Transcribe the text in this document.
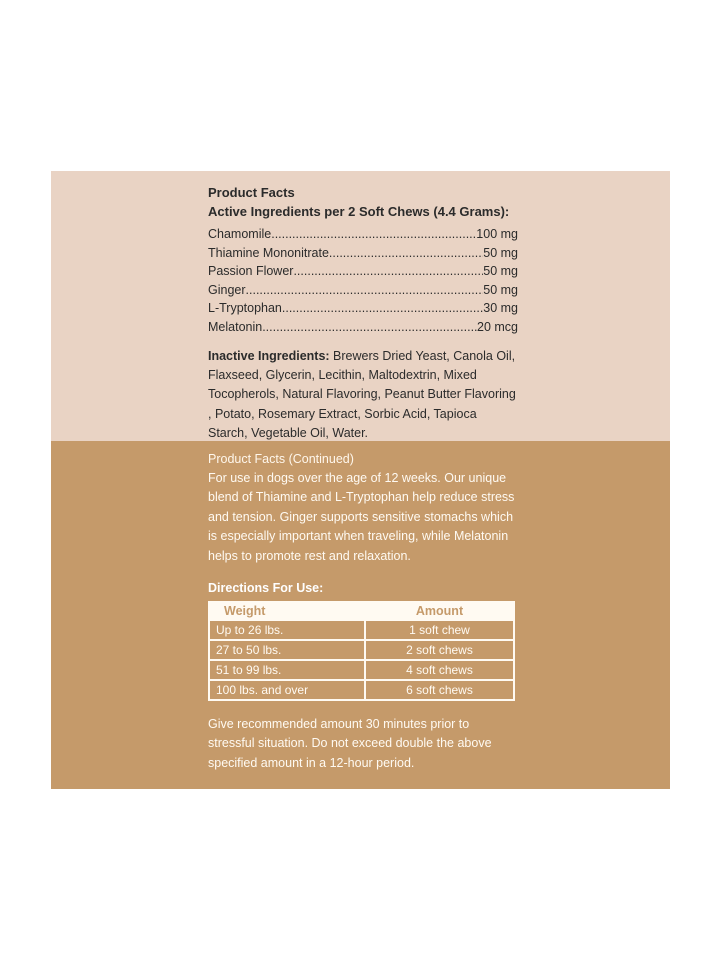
Product Facts

Active Ingredients per 2 Soft Chews (4.4 Grams):

Chamomile .....	100 mg
Thiamine Mononitrate .....	50 mg
Passion Flower .....	50 mg
Ginger .....	50 mg
L-Tryptophan .....	30 mg
Melatonin .....	20 mcg

Inactive Ingredients: Brewers Dried Yeast, Canola Oil, Flaxseed, Glycerin, Lecithin, Maltodextrin, Mixed Tocopherols, Natural Flavoring, Peanut Butter Flavoring , Potato, Rosemary Extract, Sorbic Acid, Tapioca Starch, Vegetable Oil, Water.

Product Facts (Continued)

For use in dogs over the age of 12 weeks. Our unique blend of Thiamine and L-Tryptophan help reduce stress and tension. Ginger supports sensitive stomachs which is especially important when traveling, while Melatonin helps to promote rest and relaxation.

Directions For Use:

Weight	Amount
Up to 26 lbs.	1 soft chew
27 to 50 lbs.	2 soft chews
51 to 99 lbs.	4 soft chews
100 lbs. and over	6 soft chews

Give recommended amount 30 minutes prior to stressful situation. Do not exceed double the above specified amount in a 12-hour period.
